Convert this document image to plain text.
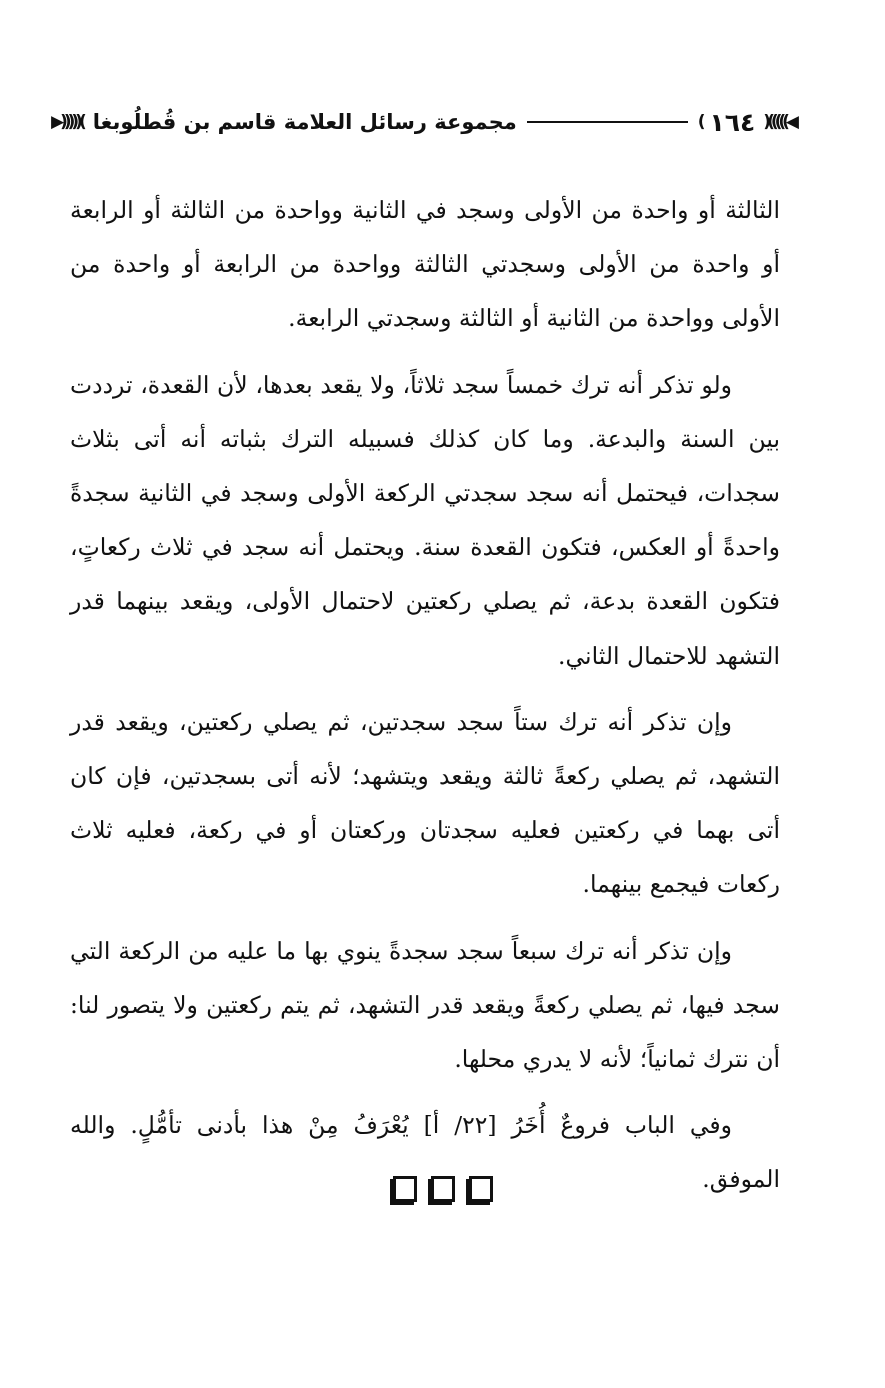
◀)))))(
١٦٤
)
مجموعة رسائل العلامة قاسم بن قُطلُوبغا
◀)))))(

الثالثة أو واحدة من الأولى وسجد في الثانية وواحدة من الثالثة أو الرابعة أو واحدة من الأولى وسجدتي الثالثة وواحدة من الرابعة أو واحدة من الأولى وواحدة من الثانية أو الثالثة وسجدتي الرابعة.

ولو تذكر أنه ترك خمساً سجد ثلاثاً، ولا يقعد بعدها، لأن القعدة، ترددت بين السنة والبدعة. وما كان كذلك فسبيله الترك بثباته أنه أتى بثلاث سجدات، فيحتمل أنه سجد سجدتي الركعة الأولى وسجد في الثانية سجدةً واحدةً أو العكس، فتكون القعدة سنة. ويحتمل أنه سجد في ثلاث ركعاتٍ، فتكون القعدة بدعة، ثم يصلي ركعتين لاحتمال الأولى، ويقعد بينهما قدر التشهد للاحتمال الثاني.

وإن تذكر أنه ترك ستاً سجد سجدتين، ثم يصلي ركعتين، ويقعد قدر التشهد، ثم يصلي ركعةً ثالثة ويقعد ويتشهد؛ لأنه أتى بسجدتين، فإن كان أتى بهما في ركعتين فعليه سجدتان وركعتان أو في ركعة، فعليه ثلاث ركعات فيجمع بينهما.

وإن تذكر أنه ترك سبعاً سجد سجدةً ينوي بها ما عليه من الركعة التي سجد فيها، ثم يصلي ركعةً ويقعد قدر التشهد، ثم يتم ركعتين ولا يتصور لنا: أن نترك ثمانياً؛ لأنه لا يدري محلها.

وفي الباب فروعٌ أُخَرُ [٢٢/ أ] يُعْرَفُ مِنْ هذا بأدنى تأمُّلٍ. والله الموفق.
